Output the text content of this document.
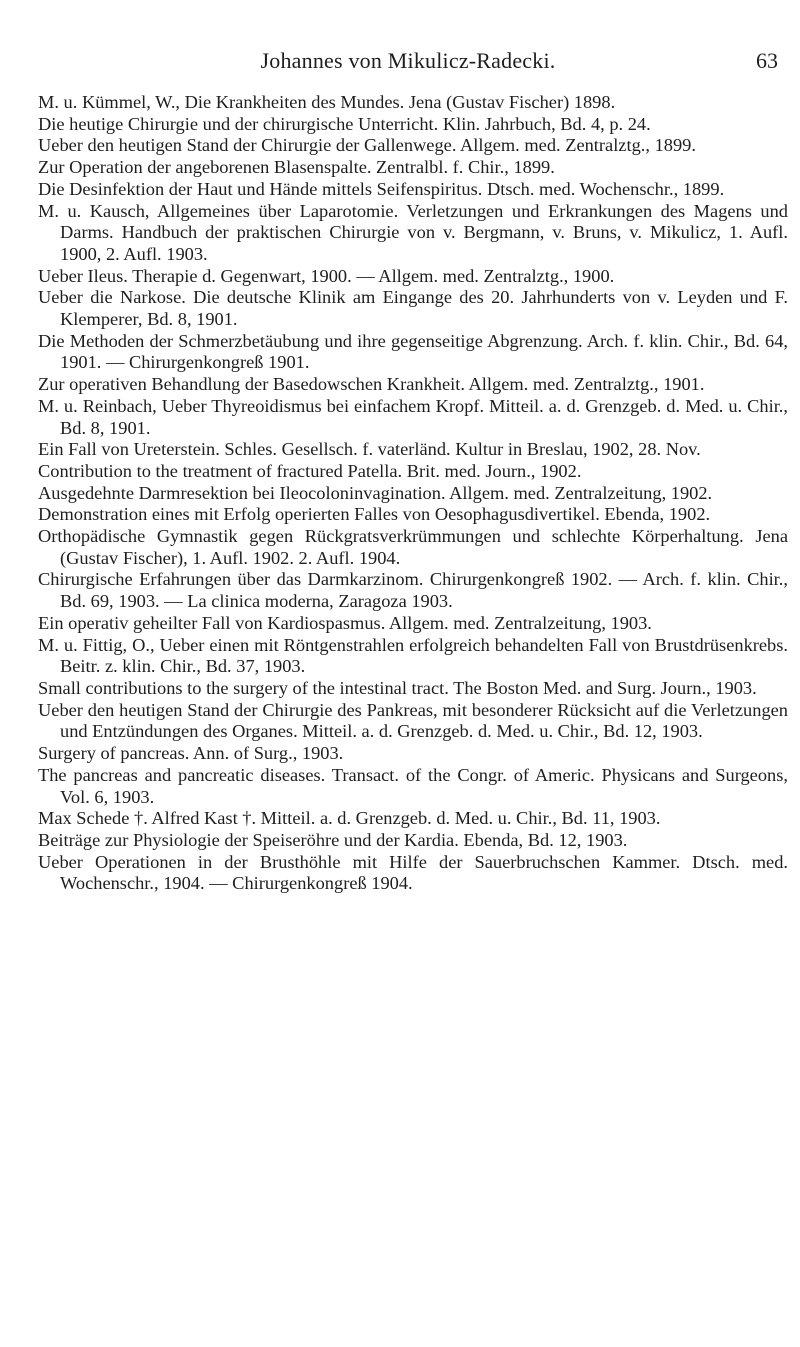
Johannes von Mikulicz-Radecki.	63
M. u. Kümmel, W., Die Krankheiten des Mundes. Jena (Gustav Fischer) 1898.
Die heutige Chirurgie und der chirurgische Unterricht. Klin. Jahrbuch, Bd. 4, p. 24.
Ueber den heutigen Stand der Chirurgie der Gallenwege. Allgem. med. Zentralztg., 1899.
Zur Operation der angeborenen Blasenspalte. Zentralbl. f. Chir., 1899.
Die Desinfektion der Haut und Hände mittels Seifenspiritus. Dtsch. med. Wochenschr., 1899.
M. u. Kausch, Allgemeines über Laparotomie. Verletzungen und Erkrankungen des Magens und Darms. Handbuch der praktischen Chirurgie von v. Bergmann, v. Bruns, v. Mikulicz, 1. Aufl. 1900, 2. Aufl. 1903.
Ueber Ileus. Therapie d. Gegenwart, 1900. — Allgem. med. Zentralztg., 1900.
Ueber die Narkose. Die deutsche Klinik am Eingange des 20. Jahrhunderts von v. Leyden und F. Klemperer, Bd. 8, 1901.
Die Methoden der Schmerzbetäubung und ihre gegenseitige Abgrenzung. Arch. f. klin. Chir., Bd. 64, 1901. — Chirurgenkongreß 1901.
Zur operativen Behandlung der Basedowschen Krankheit. Allgem. med. Zentralztg., 1901.
M. u. Reinbach, Ueber Thyreoidismus bei einfachem Kropf. Mitteil. a. d. Grenzgeb. d. Med. u. Chir., Bd. 8, 1901.
Ein Fall von Ureterstein. Schles. Gesellsch. f. vaterländ. Kultur in Breslau, 1902, 28. Nov.
Contribution to the treatment of fractured Patella. Brit. med. Journ., 1902.
Ausgedehnte Darmresektion bei Ileocoloninvagination. Allgem. med. Zentralzeitung, 1902.
Demonstration eines mit Erfolg operierten Falles von Oesophagusdivertikel. Ebenda, 1902.
Orthopädische Gymnastik gegen Rückgratsverkrümmungen und schlechte Körperhaltung. Jena (Gustav Fischer), 1. Aufl. 1902. 2. Aufl. 1904.
Chirurgische Erfahrungen über das Darmkarzinom. Chirurgenkongreß 1902. — Arch. f. klin. Chir., Bd. 69, 1903. — La clinica moderna, Zaragoza 1903.
Ein operativ geheilter Fall von Kardiospasmus. Allgem. med. Zentralzeitung, 1903.
M. u. Fittig, O., Ueber einen mit Röntgenstrahlen erfolgreich behandelten Fall von Brustdrüsenkrebs. Beitr. z. klin. Chir., Bd. 37, 1903.
Small contributions to the surgery of the intestinal tract. The Boston Med. and Surg. Journ., 1903.
Ueber den heutigen Stand der Chirurgie des Pankreas, mit besonderer Rücksicht auf die Verletzungen und Entzündungen des Organes. Mitteil. a. d. Grenzgeb. d. Med. u. Chir., Bd. 12, 1903.
Surgery of pancreas. Ann. of Surg., 1903.
The pancreas and pancreatic diseases. Transact. of the Congr. of Americ. Physicans and Surgeons, Vol. 6, 1903.
Max Schede †. Alfred Kast †. Mitteil. a. d. Grenzgeb. d. Med. u. Chir., Bd. 11, 1903.
Beiträge zur Physiologie der Speiseröhre und der Kardia. Ebenda, Bd. 12, 1903.
Ueber Operationen in der Brusthöhle mit Hilfe der Sauerbruchschen Kammer. Dtsch. med. Wochenschr., 1904. — Chirurgenkongreß 1904.
